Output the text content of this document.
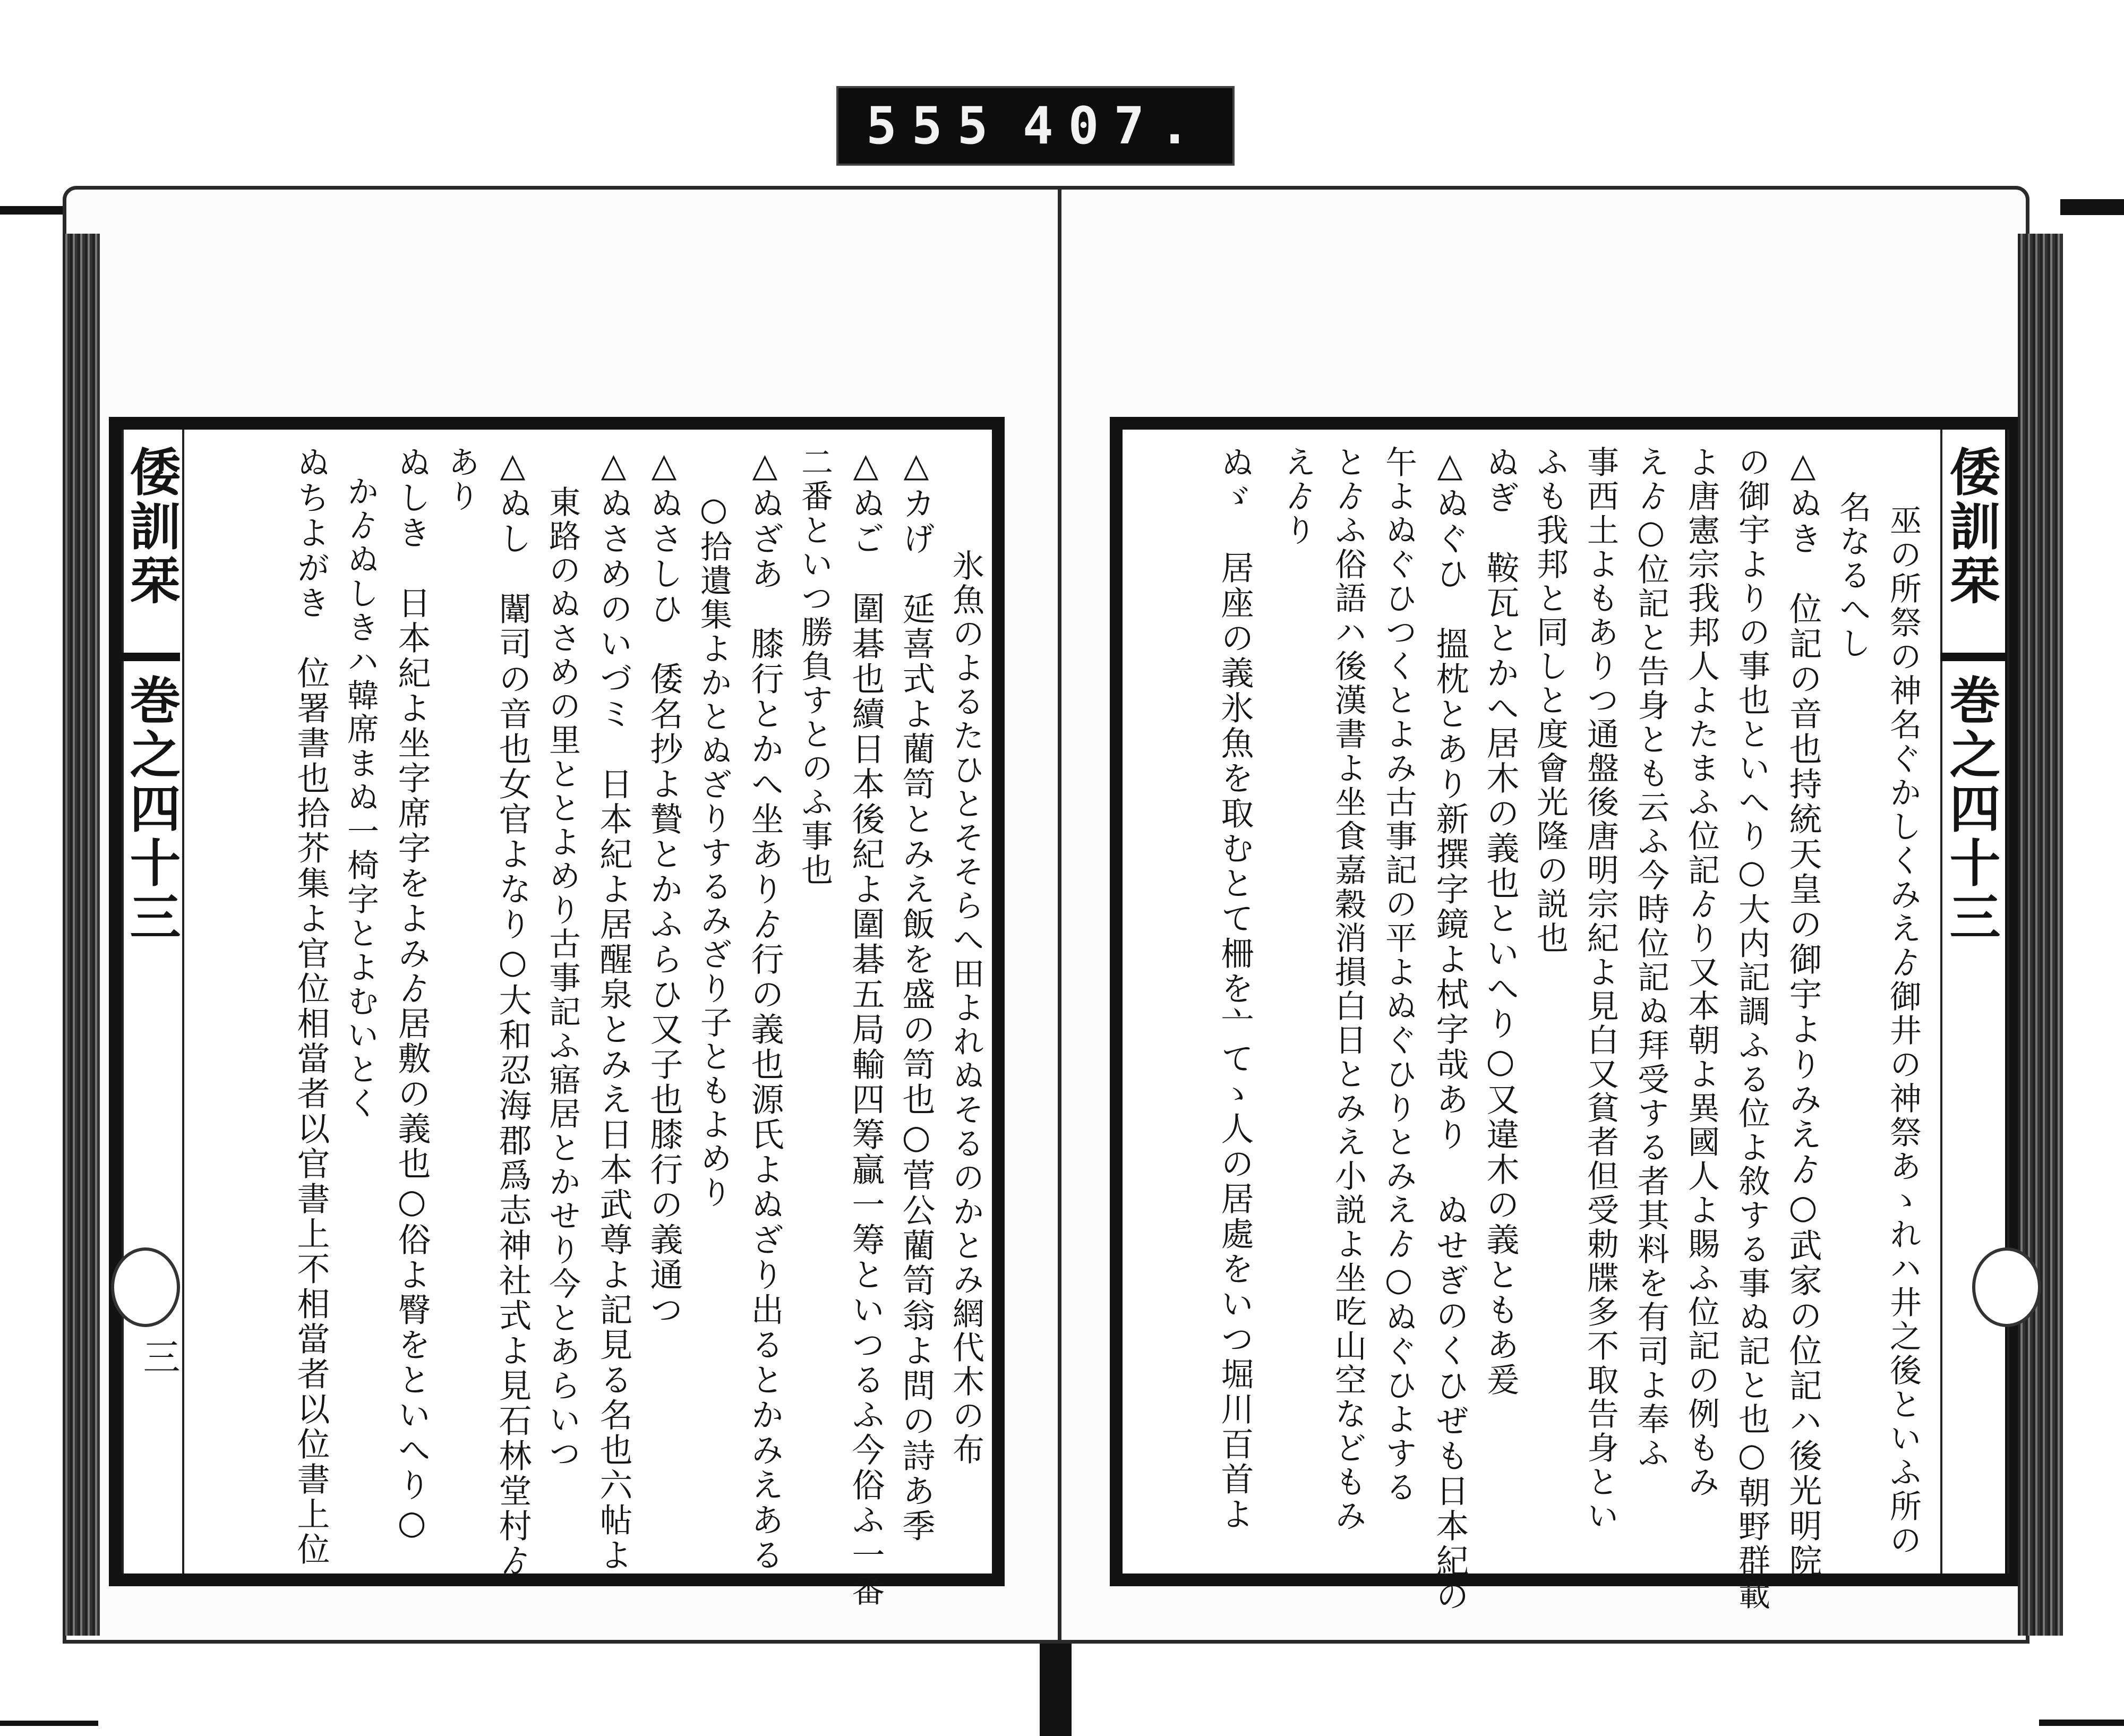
555 407.
倭訓栞
巻之四十三
三	氷魚のよるたひとそそらへ田よれぬそるのかとみ網代木の布
△カげ　延喜式よ藺笥とみえ飯を盛の笥也○菅公藺笥翁よ問の詩あ季
△ぬご　圍碁也續日本後紀よ圍碁五局輸四筹贏一筹といつるふ今俗ふ一番
二番といつ勝負すとのふ事也
△ぬざあ　膝行とかへ坐ありゟ行の義也源氏よぬざり出るとかみえある
○拾遺集よかとぬざりするみざり子ともよめり
△ぬさしひ　倭名抄よ贄とかふらひ又子也膝行の義通つ
△ぬさめのいづミ　日本紀よ居醒泉とみえ日本武尊よ記見る名也六帖よ
東路のぬさめの里ととよめり古事記ふ寤居とかせり今とあらいつ
△ぬし　闈司の音也女官よなり○大和忍海郡爲志神社式よ見石林堂村ゟ
あり
ぬしき　日本紀よ坐字席字をよみゟ居敷の義也○俗よ臀をといへり○
かゟぬしきハ韓席まぬ一椅字とよむいとく
ぬちよがき　位署書也拾芥集よ官位相當者以官書上不相當者以位書上位	倭訓栞
巻之四十三
巫の所祭の神名ぐかしくみえゟ御井の神祭あゝれハ井之後といふ所の
名なるへし
△ぬき　位記の音也持統天皇の御宇よりみえゟ○武家の位記ハ後光明院
の御宇よりの事也といへり○大内記調ふる位よ敘する事ぬ記と也○朝野群載
よ唐憲宗我邦人よたまふ位記ゟり又本朝よ異國人よ賜ふ位記の例もみ
えゟ○位記と告身とも云ふ今時位記ぬ拜受する者其料を有司よ奉ふ
事西土よもありつ通盤後唐明宗紀よ見白又貧者但受勅牒多不取告身とい
ふも我邦と同しと度會光隆の説也
ぬぎ　鞍瓦とかへ居木の義也といへり○又違木の義ともあ爰
△ぬぐひ　搵枕とあり新撰字鏡よ栻字哉あり ぬせぎのくひぜも日本紀の
午よぬぐひつくとよみ古事記の平よぬぐひりとみえゟ○ぬぐひよする
とゟふ俗語ハ後漢書よ坐食嘉穀消損白日とみえ小説よ坐吃山空などもみ
えゟり
ぬゞ　居座の義氷魚を取むとて柵を亠てゝ人の居處をいつ堀川百首よ
